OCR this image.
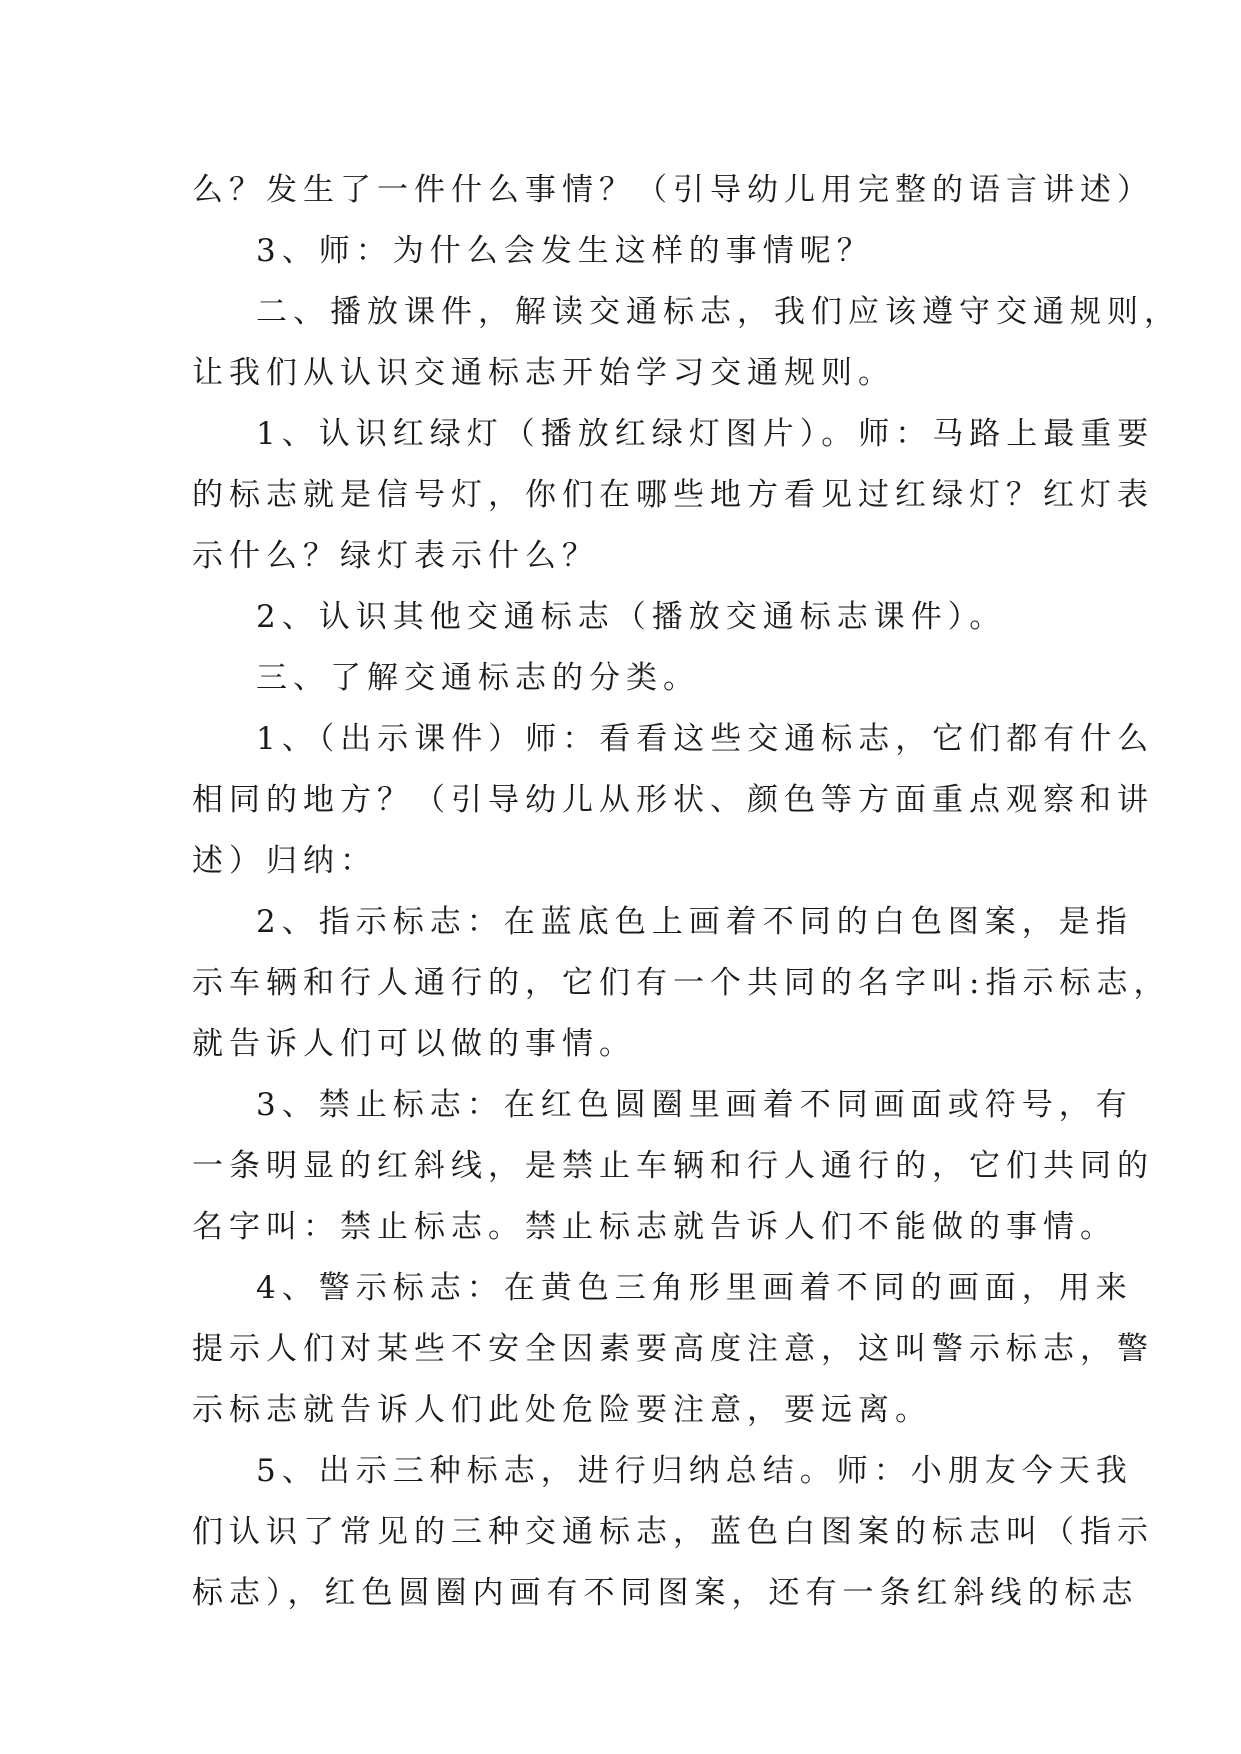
么？发生了一件什么事情？（引导幼儿用完整的语言讲述）
3、师：为什么会发生这样的事情呢？
二、播放课件，解读交通标志，我们应该遵守交通规则，
让我们从认识交通标志开始学习交通规则。
1、认识红绿灯（播放红绿灯图片）。师：马路上最重要
的标志就是信号灯，你们在哪些地方看见过红绿灯？红灯表
示什么？绿灯表示什么？
2、认识其他交通标志（播放交通标志课件）。
三、了解交通标志的分类。
1、（出示课件）师：看看这些交通标志，它们都有什么
相同的地方？（引导幼儿从形状、颜色等方面重点观察和讲
述）归纳：
2、指示标志：在蓝底色上画着不同的白色图案，是指
示车辆和行人通行的，它们有一个共同的名字叫:指示标志，
就告诉人们可以做的事情。
3、禁止标志：在红色圆圈里画着不同画面或符号，有
一条明显的红斜线，是禁止车辆和行人通行的，它们共同的
名字叫：禁止标志。禁止标志就告诉人们不能做的事情。
4、警示标志：在黄色三角形里画着不同的画面，用来
提示人们对某些不安全因素要高度注意，这叫警示标志，警
示标志就告诉人们此处危险要注意，要远离。
5、出示三种标志，进行归纳总结。师：小朋友今天我
们认识了常见的三种交通标志，蓝色白图案的标志叫（指示
标志），红色圆圈内画有不同图案，还有一条红斜线的标志
